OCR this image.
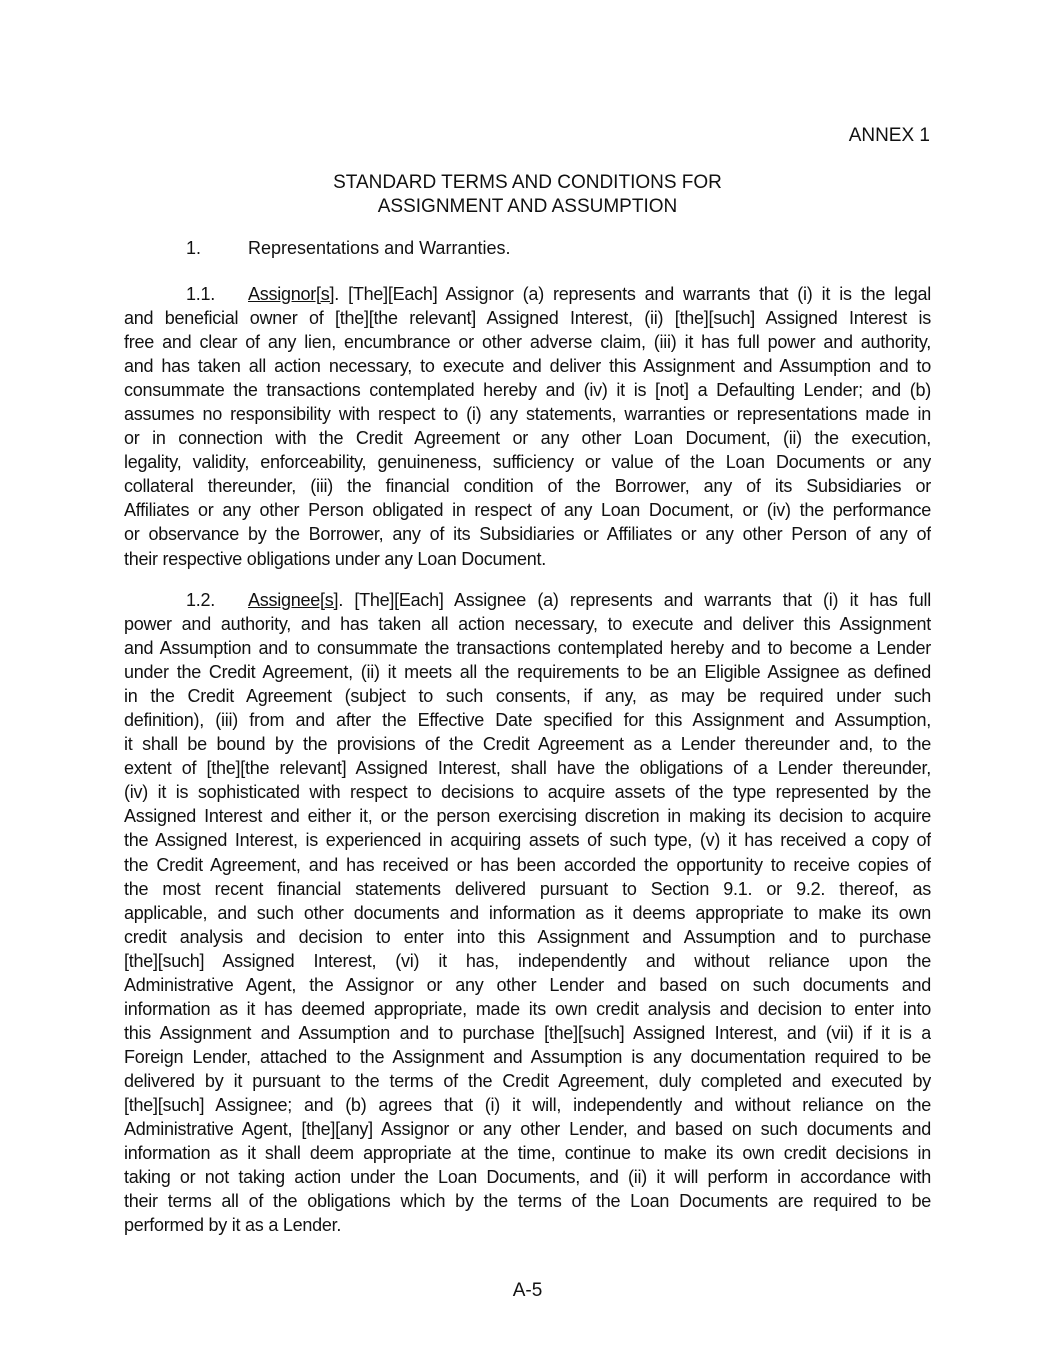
ANNEX 1
STANDARD TERMS AND CONDITIONS FOR
ASSIGNMENT AND ASSUMPTION
1.	Representations and Warranties.
1.1. Assignor[s]. [The][Each] Assignor (a) represents and warrants that (i) it is the legal
and beneficial owner of [the][the relevant] Assigned Interest, (ii) [the][such] Assigned Interest is
free and clear of any lien, encumbrance or other adverse claim, (iii) it has full power and authority,
and has taken all action necessary, to execute and deliver this Assignment and Assumption and to
consummate the transactions contemplated hereby and (iv) it is [not] a Defaulting Lender; and (b)
assumes no responsibility with respect to (i) any statements, warranties or representations made in
or in connection with the Credit Agreement or any other Loan Document, (ii) the execution,
legality, validity, enforceability, genuineness, sufficiency or value of the Loan Documents or any
collateral thereunder, (iii) the financial condition of the Borrower, any of its Subsidiaries or
Affiliates or any other Person obligated in respect of any Loan Document, or (iv) the performance
or observance by the Borrower, any of its Subsidiaries or Affiliates or any other Person of any of
their respective obligations under any Loan Document.
1.2. Assignee[s]. [The][Each] Assignee (a) represents and warrants that (i) it has full
power and authority, and has taken all action necessary, to execute and deliver this Assignment
and Assumption and to consummate the transactions contemplated hereby and to become a Lender
under the Credit Agreement, (ii) it meets all the requirements to be an Eligible Assignee as defined
in the Credit Agreement (subject to such consents, if any, as may be required under such
definition), (iii) from and after the Effective Date specified for this Assignment and Assumption,
it shall be bound by the provisions of the Credit Agreement as a Lender thereunder and, to the
extent of [the][the relevant] Assigned Interest, shall have the obligations of a Lender thereunder,
(iv) it is sophisticated with respect to decisions to acquire assets of the type represented by the
Assigned Interest and either it, or the person exercising discretion in making its decision to acquire
the Assigned Interest, is experienced in acquiring assets of such type, (v) it has received a copy of
the Credit Agreement, and has received or has been accorded the opportunity to receive copies of
the most recent financial statements delivered pursuant to Section 9.1. or 9.2. thereof, as
applicable, and such other documents and information as it deems appropriate to make its own
credit analysis and decision to enter into this Assignment and Assumption and to purchase
[the][such] Assigned Interest, (vi) it has, independently and without reliance upon the
Administrative Agent, the Assignor or any other Lender and based on such documents and
information as it has deemed appropriate, made its own credit analysis and decision to enter into
this Assignment and Assumption and to purchase [the][such] Assigned Interest, and (vii) if it is a
Foreign Lender, attached to the Assignment and Assumption is any documentation required to be
delivered by it pursuant to the terms of the Credit Agreement, duly completed and executed by
[the][such] Assignee; and (b) agrees that (i) it will, independently and without reliance on the
Administrative Agent, [the][any] Assignor or any other Lender, and based on such documents and
information as it shall deem appropriate at the time, continue to make its own credit decisions in
taking or not taking action under the Loan Documents, and (ii) it will perform in accordance with
their terms all of the obligations which by the terms of the Loan Documents are required to be
performed by it as a Lender.
A-5
